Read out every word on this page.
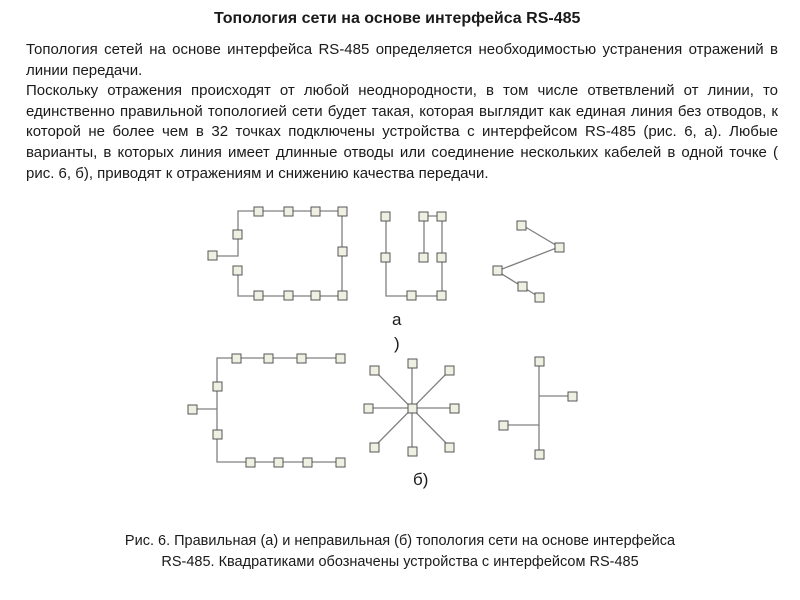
Топология сети на основе интерфейса RS-485

Топология сетей на основе интерфейса RS-485 определяется необходимостью устранения отражений в линии передачи.

Поскольку отражения происходят от любой неоднородности, в том числе ответвлений от линии, то единственно правильной топологией сети будет такая, которая выглядит как единая линия без отводов, к которой не более чем в 32 точках подключены устройства с интерфейсом RS-485 (рис. 6, а). Любые варианты, в которых линия имеет длинные отводы или соединение нескольких кабелей в одной точке ( рис. 6, б), приводят к отражениям и снижению качества передачи.

а
)
б)
Рис. 6. Правильная (а) и неправильная (б) топология сети на основе интерфейса
RS-485. Квадратиками обозначены устройства с интерфейсом RS-485
